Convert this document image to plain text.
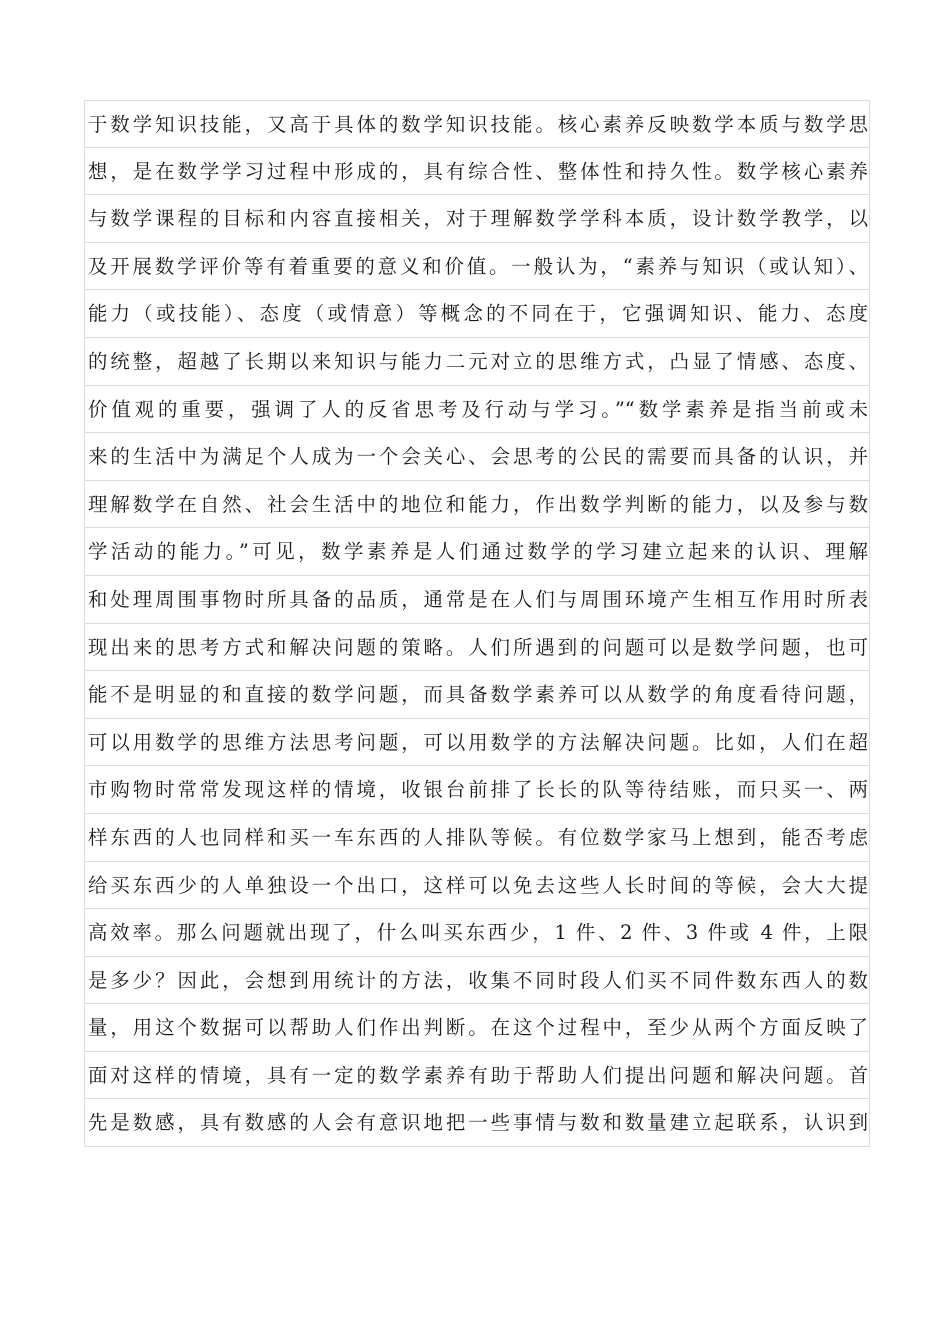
于数学知识技能，又高于具体的数学知识技能。核心素养反映数学本质与数学思
想，是在数学学习过程中形成的，具有综合性、整体性和持久性。数学核心素养
与数学课程的目标和内容直接相关，对于理解数学学科本质，设计数学教学，以
及开展数学评价等有着重要的意义和价值。一般认为，“素养与知识（或认知）、
能力（或技能）、态度（或情意）等概念的不同在于，它强调知识、能力、态度
的统整，超越了长期以来知识与能力二元对立的思维方式，凸显了情感、态度、
价值观的重要，强调了人的反省思考及行动与学习。”“数学素养是指当前或未
来的生活中为满足个人成为一个会关心、会思考的公民的需要而具备的认识，并
理解数学在自然、社会生活中的地位和能力，作出数学判断的能力，以及参与数
学活动的能力。”可见，数学素养是人们通过数学的学习建立起来的认识、理解
和处理周围事物时所具备的品质，通常是在人们与周围环境产生相互作用时所表
现出来的思考方式和解决问题的策略。人们所遇到的问题可以是数学问题，也可
能不是明显的和直接的数学问题，而具备数学素养可以从数学的角度看待问题，
可以用数学的思维方法思考问题，可以用数学的方法解决问题。比如，人们在超
市购物时常常发现这样的情境，收银台前排了长长的队等待结账，而只买一、两
样东西的人也同样和买一车东西的人排队等候。有位数学家马上想到，能否考虑
给买东西少的人单独设一个出口，这样可以免去这些人长时间的等候，会大大提
高效率。那么问题就出现了，什么叫买东西少，1 件、2 件、3 件或 4 件，上限
是多少？因此，会想到用统计的方法，收集不同时段人们买不同件数东西人的数
量，用这个数据可以帮助人们作出判断。在这个过程中，至少从两个方面反映了
面对这样的情境，具有一定的数学素养有助于帮助人们提出问题和解决问题。首
先是数感，具有数感的人会有意识地把一些事情与数和数量建立起联系，认识到
